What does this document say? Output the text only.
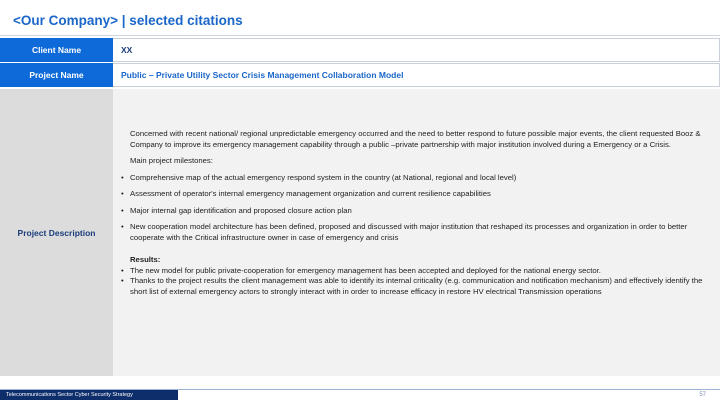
<Our Company> | selected citations
Client Name	XX
Project Name	Public – Private Utility Sector Crisis Management Collaboration Model
Project Description

Concerned with recent national/ regional unpredictable emergency occurred and the need to better respond to future possible major events, the client requested Booz & Company to improve its emergency management capability through a public –private partnership with major institution involved during a Emergency or a Crisis.

Main project milestones:

• Comprehensive map of the actual emergency respond system in the country (at National, regional and local level)
• Assessment of operator's internal emergency management organization and current resilience capabilities
• Major internal gap identification and proposed closure action plan
• New cooperation model architecture has been defined, proposed and discussed with major institution that reshaped its processes and organization in order to better cooperate with the Critical infrastructure owner in case of emergency and crisis

Results:

• The new model for public private-cooperation for emergency management has been accepted and deployed for the national energy sector.
• Thanks to the project results the client management was able to identify its internal criticality (e.g. communication and notification mechanism) and effectively identify the short list of external emergency actors to strongly interact with in order to increase efficacy in restore HV electrical Transmission operations
Telecommunications Sector Cyber Security Strategy	57
